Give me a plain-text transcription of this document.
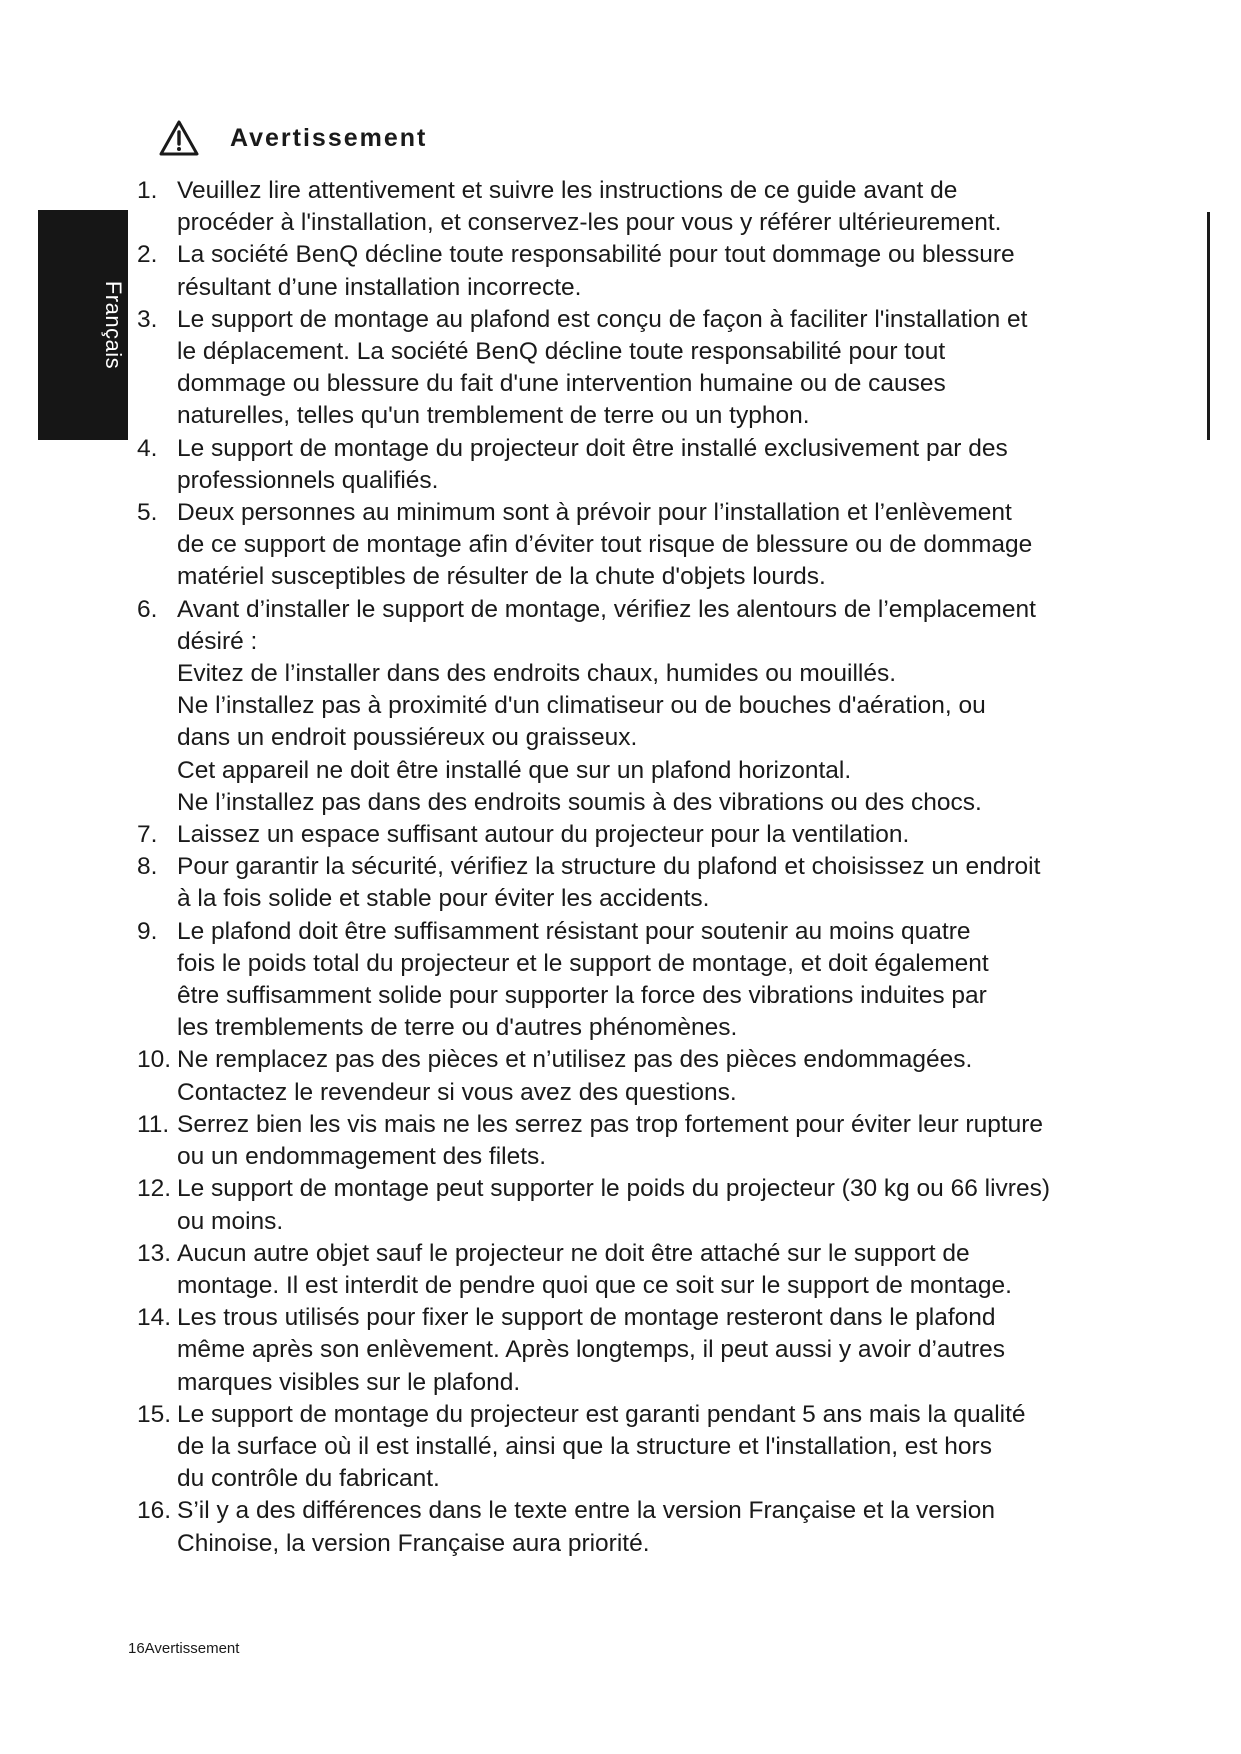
Français
Avertissement
1. Veuillez lire attentivement et suivre les instructions de ce guide avant de
procéder à l'installation, et conservez-les pour vous y référer ultérieurement.
2. La société BenQ décline toute responsabilité pour tout dommage ou blessure
résultant d’une installation incorrecte.
3. Le support de montage au plafond est conçu de façon à faciliter l'installation et
le déplacement. La société BenQ décline toute responsabilité pour tout
dommage ou blessure du fait d'une intervention humaine ou de causes
naturelles, telles qu'un tremblement de terre ou un typhon.
4. Le support de montage du projecteur doit être installé exclusivement par des
professionnels qualifiés.
5. Deux personnes au minimum sont à prévoir pour l’installation et l’enlèvement
de ce support de montage afin d’éviter tout risque de blessure ou de dommage
matériel susceptibles de résulter de la chute d'objets lourds.
6. Avant d’installer le support de montage, vérifiez les alentours de l’emplacement
désiré :
Evitez de l’installer dans des endroits chaux, humides ou mouillés.
Ne l’installez pas à proximité d'un climatiseur ou de bouches d'aération, ou
dans un endroit poussiéreux ou graisseux.
Cet appareil ne doit être installé que sur un plafond horizontal.
Ne l’installez pas dans des endroits soumis à des vibrations ou des chocs.
7. Laissez un espace suffisant autour du projecteur pour la ventilation.
8. Pour garantir la sécurité, vérifiez la structure du plafond et choisissez un endroit
à la fois solide et stable pour éviter les accidents.
9. Le plafond doit être suffisamment résistant pour soutenir au moins quatre
fois le poids total du projecteur et le support de montage, et doit également
être suffisamment solide pour supporter la force des vibrations induites par
les tremblements de terre ou d'autres phénomènes.
10. Ne remplacez pas des pièces et n’utilisez pas des pièces endommagées.
Contactez le revendeur si vous avez des questions.
11. Serrez bien les vis mais ne les serrez pas trop fortement pour éviter leur rupture
ou un endommagement des filets.
12. Le support de montage peut supporter le poids du projecteur (30 kg ou 66 livres)
ou moins.
13. Aucun autre objet sauf le projecteur ne doit être attaché sur le support de
montage. Il est interdit de pendre quoi que ce soit sur le support de montage.
14. Les trous utilisés pour fixer le support de montage resteront dans le plafond
même après son enlèvement. Après longtemps, il peut aussi y avoir d’autres
marques visibles sur le plafond.
15. Le support de montage du projecteur est garanti pendant 5 ans mais la qualité
de la surface où il est installé, ainsi que la structure et l'installation, est hors
du contrôle du fabricant.
16. S’il y a des différences dans le texte entre la version Française et la version
Chinoise, la version Française aura priorité.
16Avertissement
